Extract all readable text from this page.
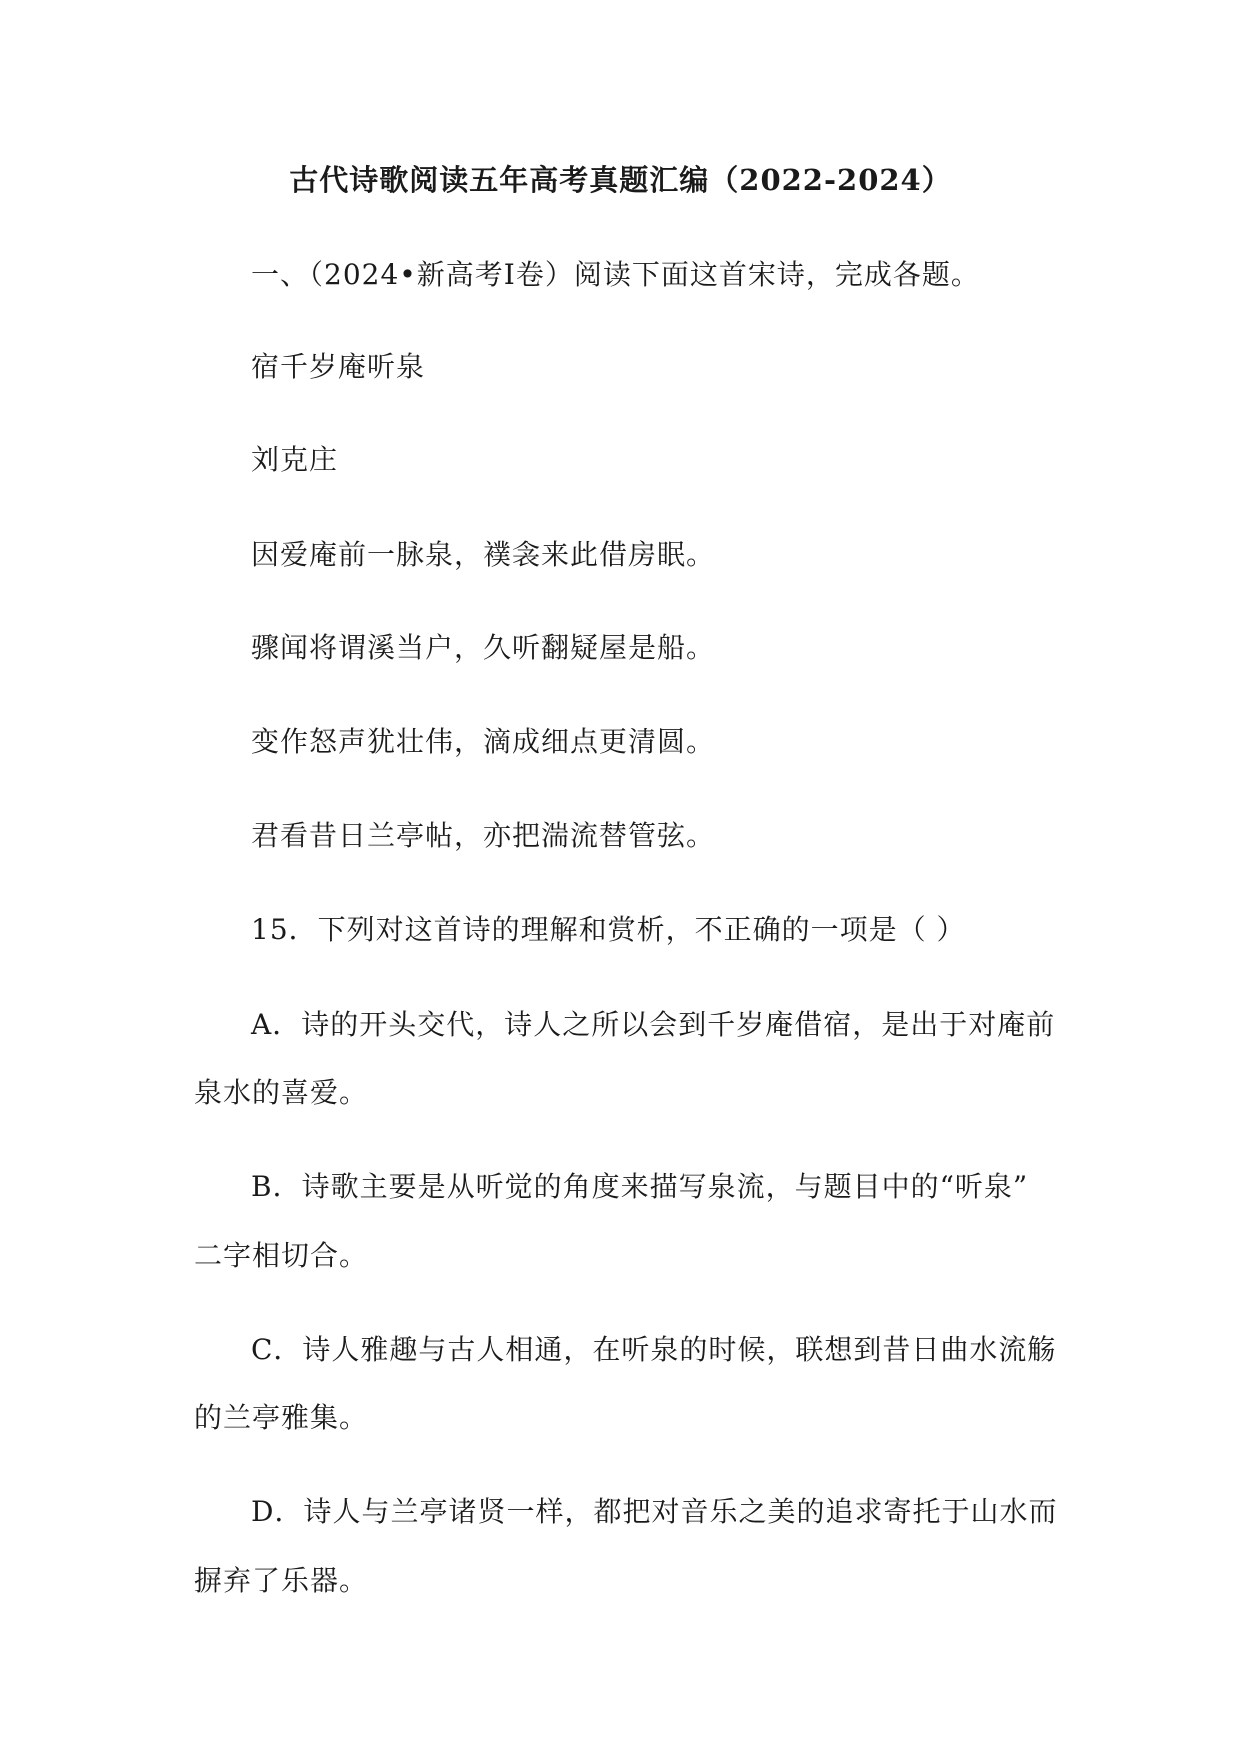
古代诗歌阅读五年高考真题汇编（2022-2024）
一、（2024•新高考Ⅰ卷）阅读下面这首宋诗，完成各题。
宿千岁庵听泉
刘克庄
因爱庵前一脉泉，襆衾来此借房眠。
骤闻将谓溪当户，久听翻疑屋是船。
变作怒声犹壮伟，滴成细点更清圆。
君看昔日兰亭帖，亦把湍流替管弦。
15．下列对这首诗的理解和赏析，不正确的一项是（ ）
A．诗的开头交代，诗人之所以会到千岁庵借宿，是出于对庵前
泉水的喜爱。
B．诗歌主要是从听觉的角度来描写泉流，与题目中的“听泉”
二字相切合。
C．诗人雅趣与古人相通，在听泉的时候，联想到昔日曲水流觞
的兰亭雅集。
D．诗人与兰亭诸贤一样，都把对音乐之美的追求寄托于山水而
摒弃了乐器。
